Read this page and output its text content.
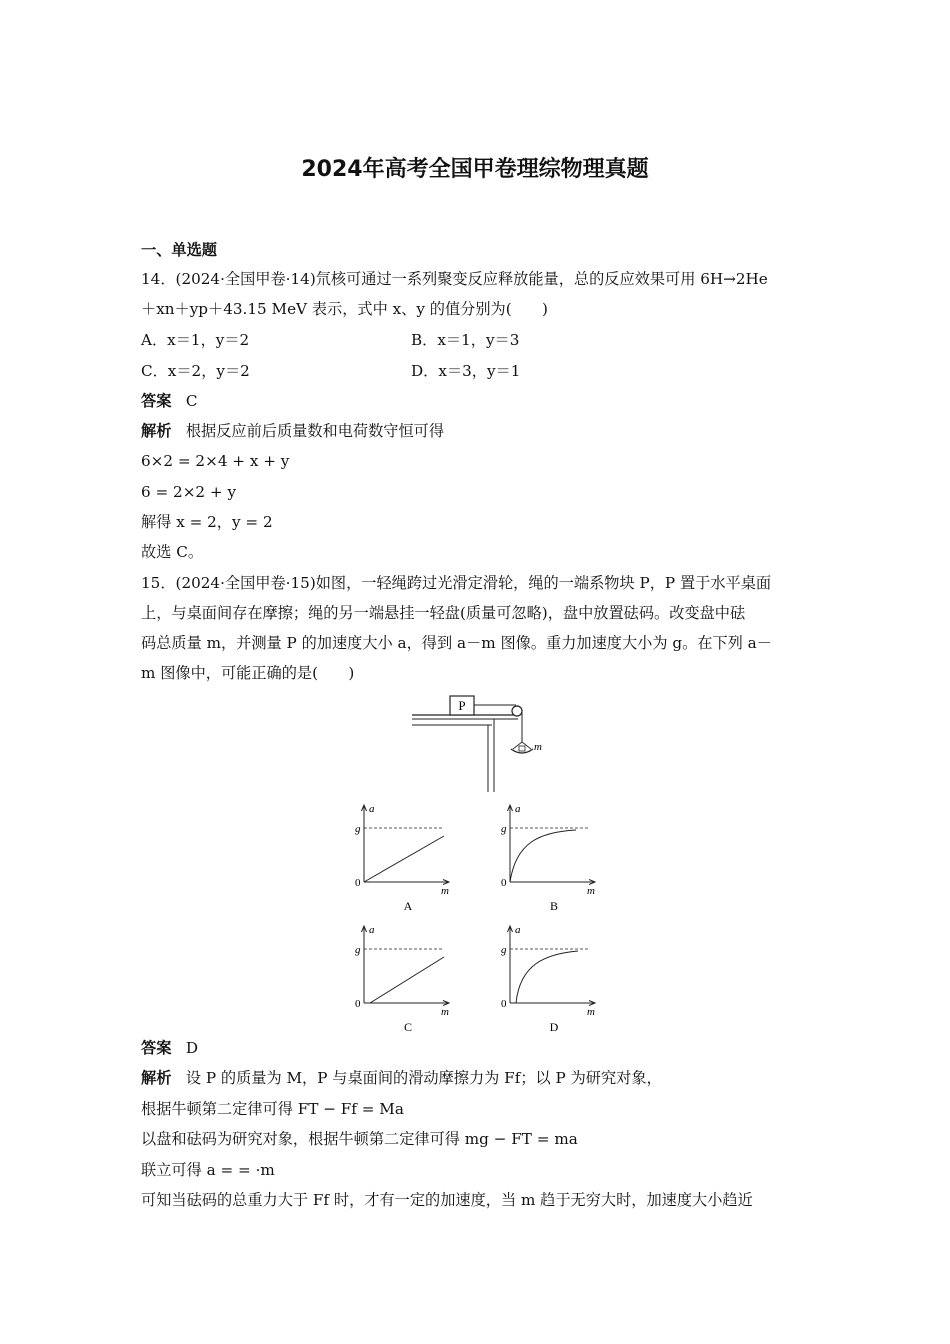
2024年高考全国甲卷理综物理真题
一、单选题
14．(2024·全国甲卷·14)氘核可通过一系列聚变反应释放能量，总的反应效果可用 6H→2He
＋xn＋yp＋43.15 MeV 表示，式中 x、y 的值分别为(　　)
A．x＝1，y＝2	B．x＝1，y＝3
C．x＝2，y＝2	D．x＝3，y＝1
答案 C
解析 根据反应前后质量数和电荷数守恒可得
6×2 = 2×4 + x + y
6 = 2×2 + y
解得 x = 2，y = 2
故选 C。
15．(2024·全国甲卷·15)如图，一轻绳跨过光滑定滑轮，绳的一端系物块 P，P 置于水平桌面
上，与桌面间存在摩擦；绳的另一端悬挂一轻盘(质量可忽略)，盘中放置砝码。改变盘中砝
码总质量 m，并测量 P 的加速度大小 a，得到 a－m 图像。重力加速度大小为 g。在下列 a－
m 图像中，可能正确的是(　　)
P
m
a
g
0
m
A
a
g
0
m
B
a
g
0
m
C
a
g
0
m
D
答案 D
解析 设 P 的质量为 M，P 与桌面间的滑动摩擦力为 Ff；以 P 为研究对象，
根据牛顿第二定律可得 FT − Ff = Ma
以盘和砝码为研究对象，根据牛顿第二定律可得 mg − FT = ma
联立可得 a = = ·m
可知当砝码的总重力大于 Ff 时，才有一定的加速度，当 m 趋于无穷大时，加速度大小趋近
